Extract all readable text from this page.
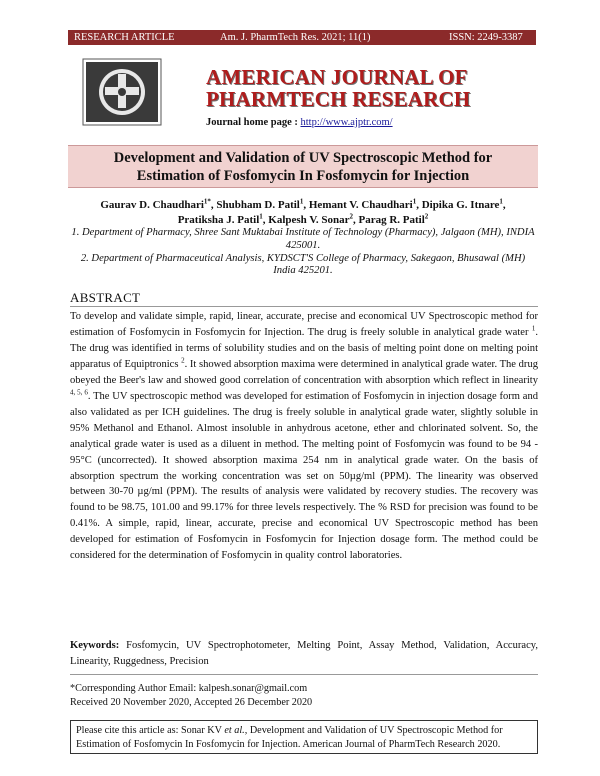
RESEARCH ARTICLE	Am. J. PharmTech Res. 2021; 11(1)	ISSN: 2249-3387
AMERICAN JOURNAL OF
PHARMTECH RESEARCH
Journal home page : http://www.ajptr.com/
Development and Validation of UV Spectroscopic Method for
Estimation of Fosfomycin In Fosfomycin for Injection
Gaurav D. Chaudhari$^{1*}$, Shubham D. Patil$^1$, Hemant V. Chaudhari$^1$, Dipika G. Itnare$^1$,
Pratiksha J. Patil$^1$, Kalpesh V. Sonar$^2$, Parag R. Patil$^2$

1. Department of Pharmacy, Shree Sant Muktabai Institute of Technology (Pharmacy), Jalgaon (MH), INDIA 425001.

2. Department of Pharmaceutical Analysis, KYDSCT'S College of Pharmacy, Sakegaon, Bhusawal (MH) India 425201.

ABSTRACT
To develop and validate simple, rapid, linear, accurate, precise and economical UV Spectroscopic method for estimation of Fosfomycin in Fosfomycin for Injection. The drug is freely soluble in analytical grade water $^1$. The drug was identified in terms of solubility studies and on the basis of melting point done on melting point apparatus of Equiptronics $^2$. It showed absorption maxima were determined in analytical grade water. The drug obeyed the Beer's law and showed good correlation of concentration with absorption which reflect in linearity $^{4, 5, 6}$. The UV spectroscopic method was developed for estimation of Fosfomycin in injection dosage form and also validated as per ICH guidelines. The drug is freely soluble in analytical grade water, slightly soluble in 95% Methanol and Ethanol. Almost insoluble in anhydrous acetone, ether and chlorinated solvent. So, the analytical grade water is used as a diluent in method. The melting point of Fosfomycin was found to be 94 - 95°C (uncorrected). It showed absorption maxima 254 nm in analytical grade water. On the basis of absorption spectrum the working concentration was set on 50µg/ml (PPM). The linearity was observed between 30-70 µg/ml (PPM). The results of analysis were validated by recovery studies. The recovery was found to be 98.75, 101.00 and 99.17% for three levels respectively. The % RSD for precision was found to be 0.41%. A simple, rapid, linear, accurate, precise and economical UV Spectroscopic method has been developed for estimation of Fosfomycin in Fosfomycin for Injection dosage form. The method could be considered for the determination of Fosfomycin in quality control laboratories.
Keywords: Fosfomycin, UV Spectrophotometer, Melting Point, Assay Method, Validation, Accuracy, Linearity, Ruggedness, Precision
*Corresponding Author Email: kalpesh.sonar@gmail.com
Received 20 November 2020, Accepted 26 December 2020
Please cite this article as: Sonar KV et al., Development and Validation of UV Spectroscopic Method for Estimation of Fosfomycin In Fosfomycin for Injection. American Journal of PharmTech Research 2020.
